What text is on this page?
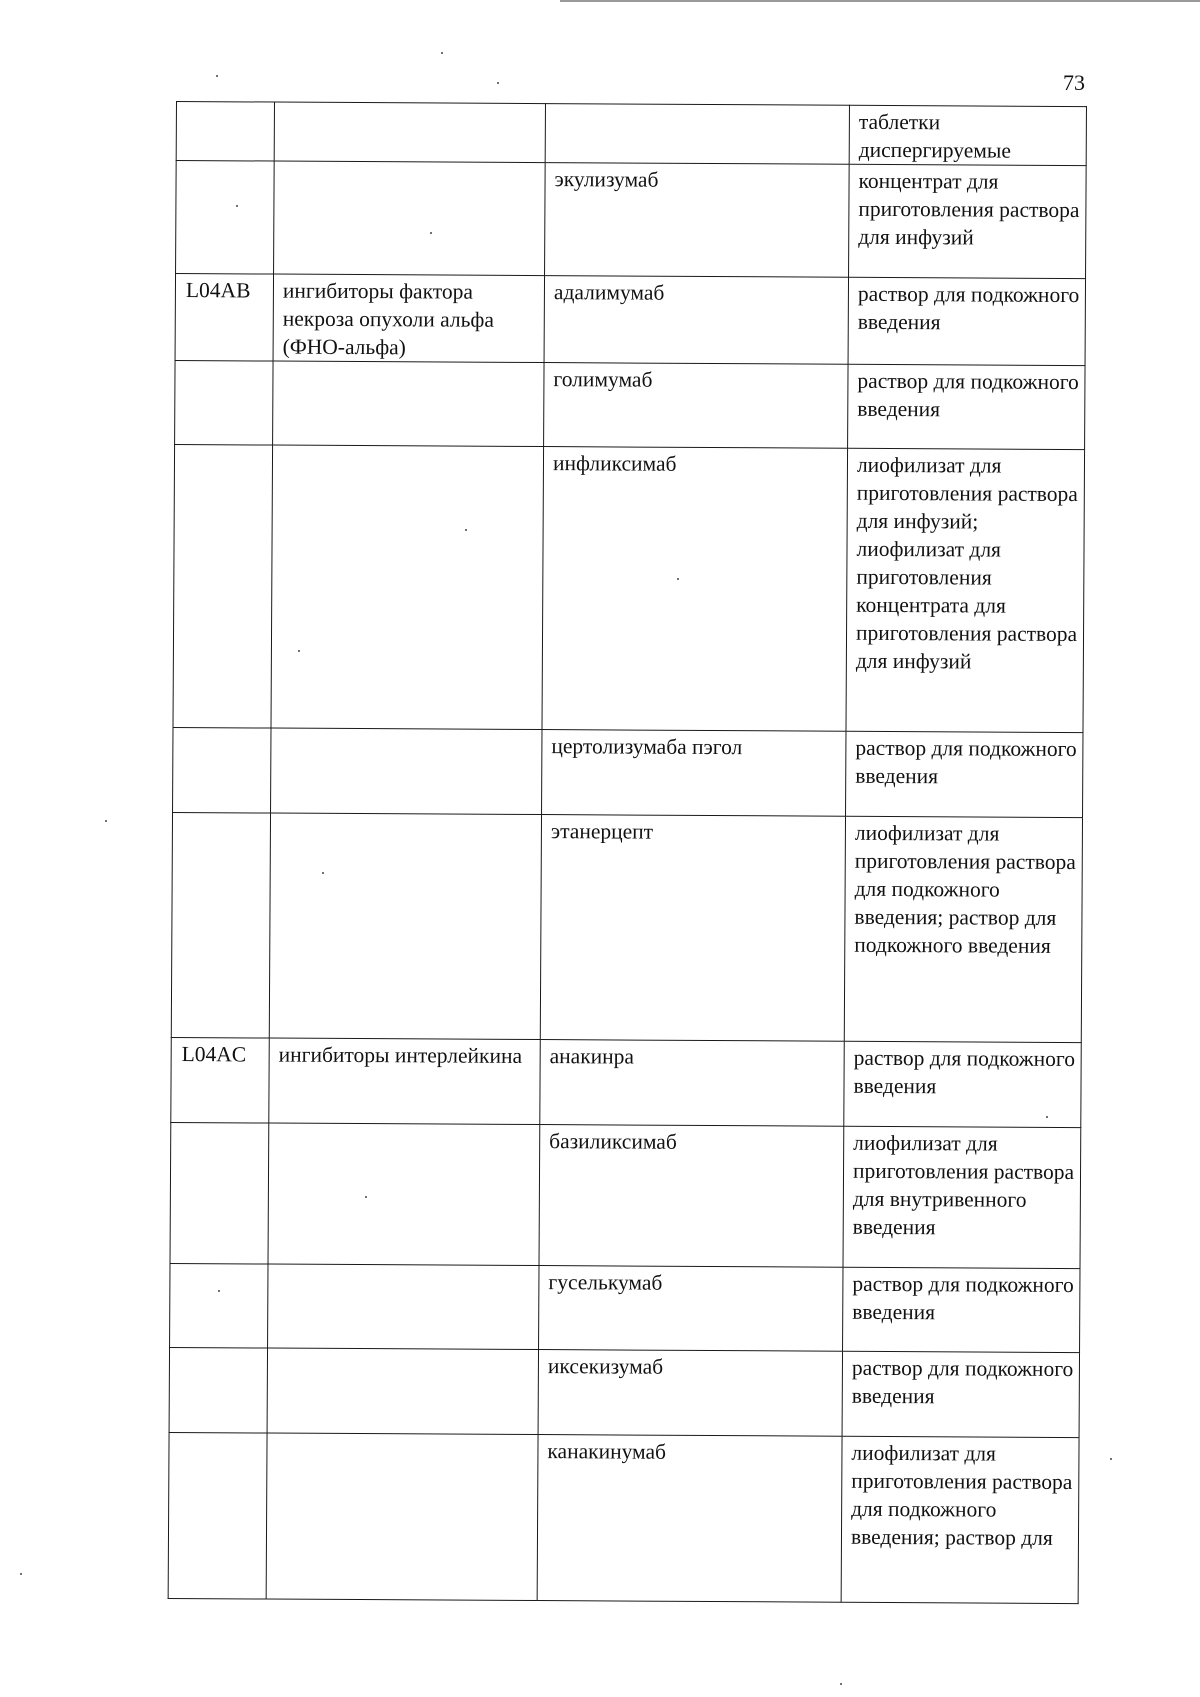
73
			таблетки диспергируемые
		экулизумаб	концентрат для приготовления раствора для инфузий
L04AB	ингибиторы фактора некроза опухоли альфа (ФНО-альфа)	адалимумаб	раствор для подкожного введения
		голимумаб	раствор для подкожного введения
		инфликсимаб	лиофилизат для приготовления раствора для инфузий; лиофилизат для приготовления концентрата для приготовления раствора для инфузий
		цертолизумаба пэгол	раствор для подкожного введения
		этанерцепт	лиофилизат для приготовления раствора для подкожного введения; раствор для подкожного введения
L04AC	ингибиторы интерлейкина	анакинра	раствор для подкожного введения
		базиликсимаб	лиофилизат для приготовления раствора для внутривенного введения
		гуселькумаб	раствор для подкожного введения
		иксекизумаб	раствор для подкожного введения
		канакинумаб	лиофилизат для приготовления раствора для подкожного введения; раствор для
